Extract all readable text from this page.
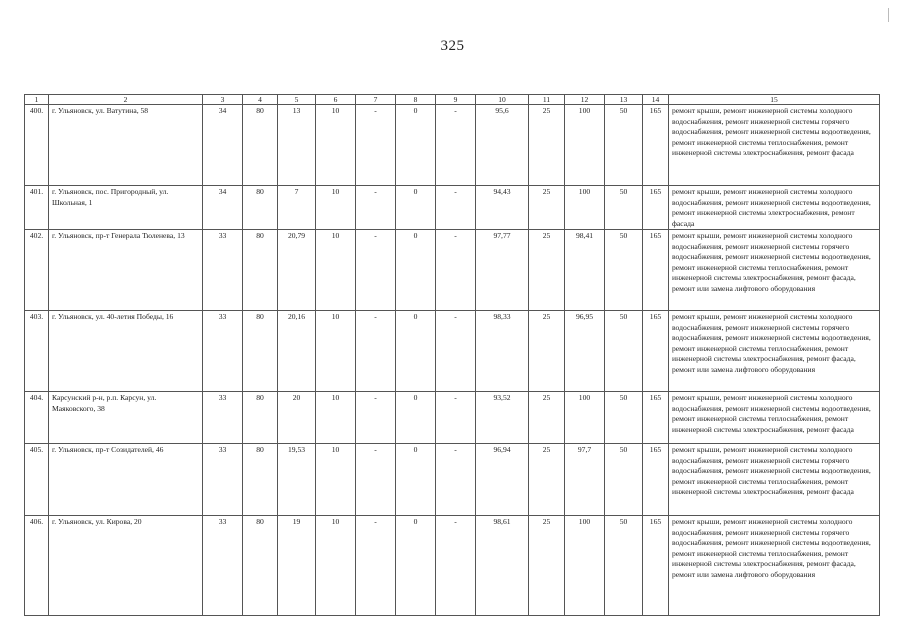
325
1	2	3	4	5	6	7	8	9	10	11	12	13	14	15
400.	г. Ульяновск, ул. Ватутина, 58	34	80	13	10	-	0	-	95,6	25	100	50	165	ремонт крыши, ремонт инженерной системы холодного водоснабжения, ремонт инженерной системы горячего водоснабжения, ремонт инженерной системы водоотведения, ремонт инженерной системы теплоснабжения, ремонт инженерной системы электроснабжения, ремонт фасада
401.	г. Ульяновск, пос. Пригородный, ул. Школьная, 1	34	80	7	10	-	0	-	94,43	25	100	50	165	ремонт крыши, ремонт инженерной системы холодного водоснабжения, ремонт инженерной системы водоотведения, ремонт инженерной системы электроснабжения, ремонт фасада
402.	г. Ульяновск, пр-т Генерала Тюленева, 13	33	80	20,79	10	-	0	-	97,77	25	98,41	50	165	ремонт крыши, ремонт инженерной системы холодного водоснабжения, ремонт инженерной системы горячего водоснабжения, ремонт инженерной системы водоотведения, ремонт инженерной системы теплоснабжения, ремонт инженерной системы электроснабжения, ремонт фасада, ремонт или замена лифтового оборудования
403.	г. Ульяновск, ул. 40-летия Победы, 16	33	80	20,16	10	-	0	-	98,33	25	96,95	50	165	ремонт крыши, ремонт инженерной системы холодного водоснабжения, ремонт инженерной системы горячего водоснабжения, ремонт инженерной системы водоотведения, ремонт инженерной системы теплоснабжения, ремонт инженерной системы электроснабжения, ремонт фасада, ремонт или замена лифтового оборудования
404.	Карсунский р-н, р.п. Карсун, ул. Маяковского, 38	33	80	20	10	-	0	-	93,52	25	100	50	165	ремонт крыши, ремонт инженерной системы холодного водоснабжения, ремонт инженерной системы водоотведения, ремонт инженерной системы теплоснабжения, ремонт инженерной системы электроснабжения, ремонт фасада
405.	г. Ульяновск, пр-т Созидателей, 46	33	80	19,53	10	-	0	-	96,94	25	97,7	50	165	ремонт крыши, ремонт инженерной системы холодного водоснабжения, ремонт инженерной системы горячего водоснабжения, ремонт инженерной системы водоотведения, ремонт инженерной системы теплоснабжения, ремонт инженерной системы электроснабжения, ремонт фасада
406.	г. Ульяновск, ул. Кирова, 20	33	80	19	10	-	0	-	98,61	25	100	50	165	ремонт крыши, ремонт инженерной системы холодного водоснабжения, ремонт инженерной системы горячего водоснабжения, ремонт инженерной системы водоотведения, ремонт инженерной системы теплоснабжения, ремонт инженерной системы электроснабжения, ремонт фасада, ремонт или замена лифтового оборудования
